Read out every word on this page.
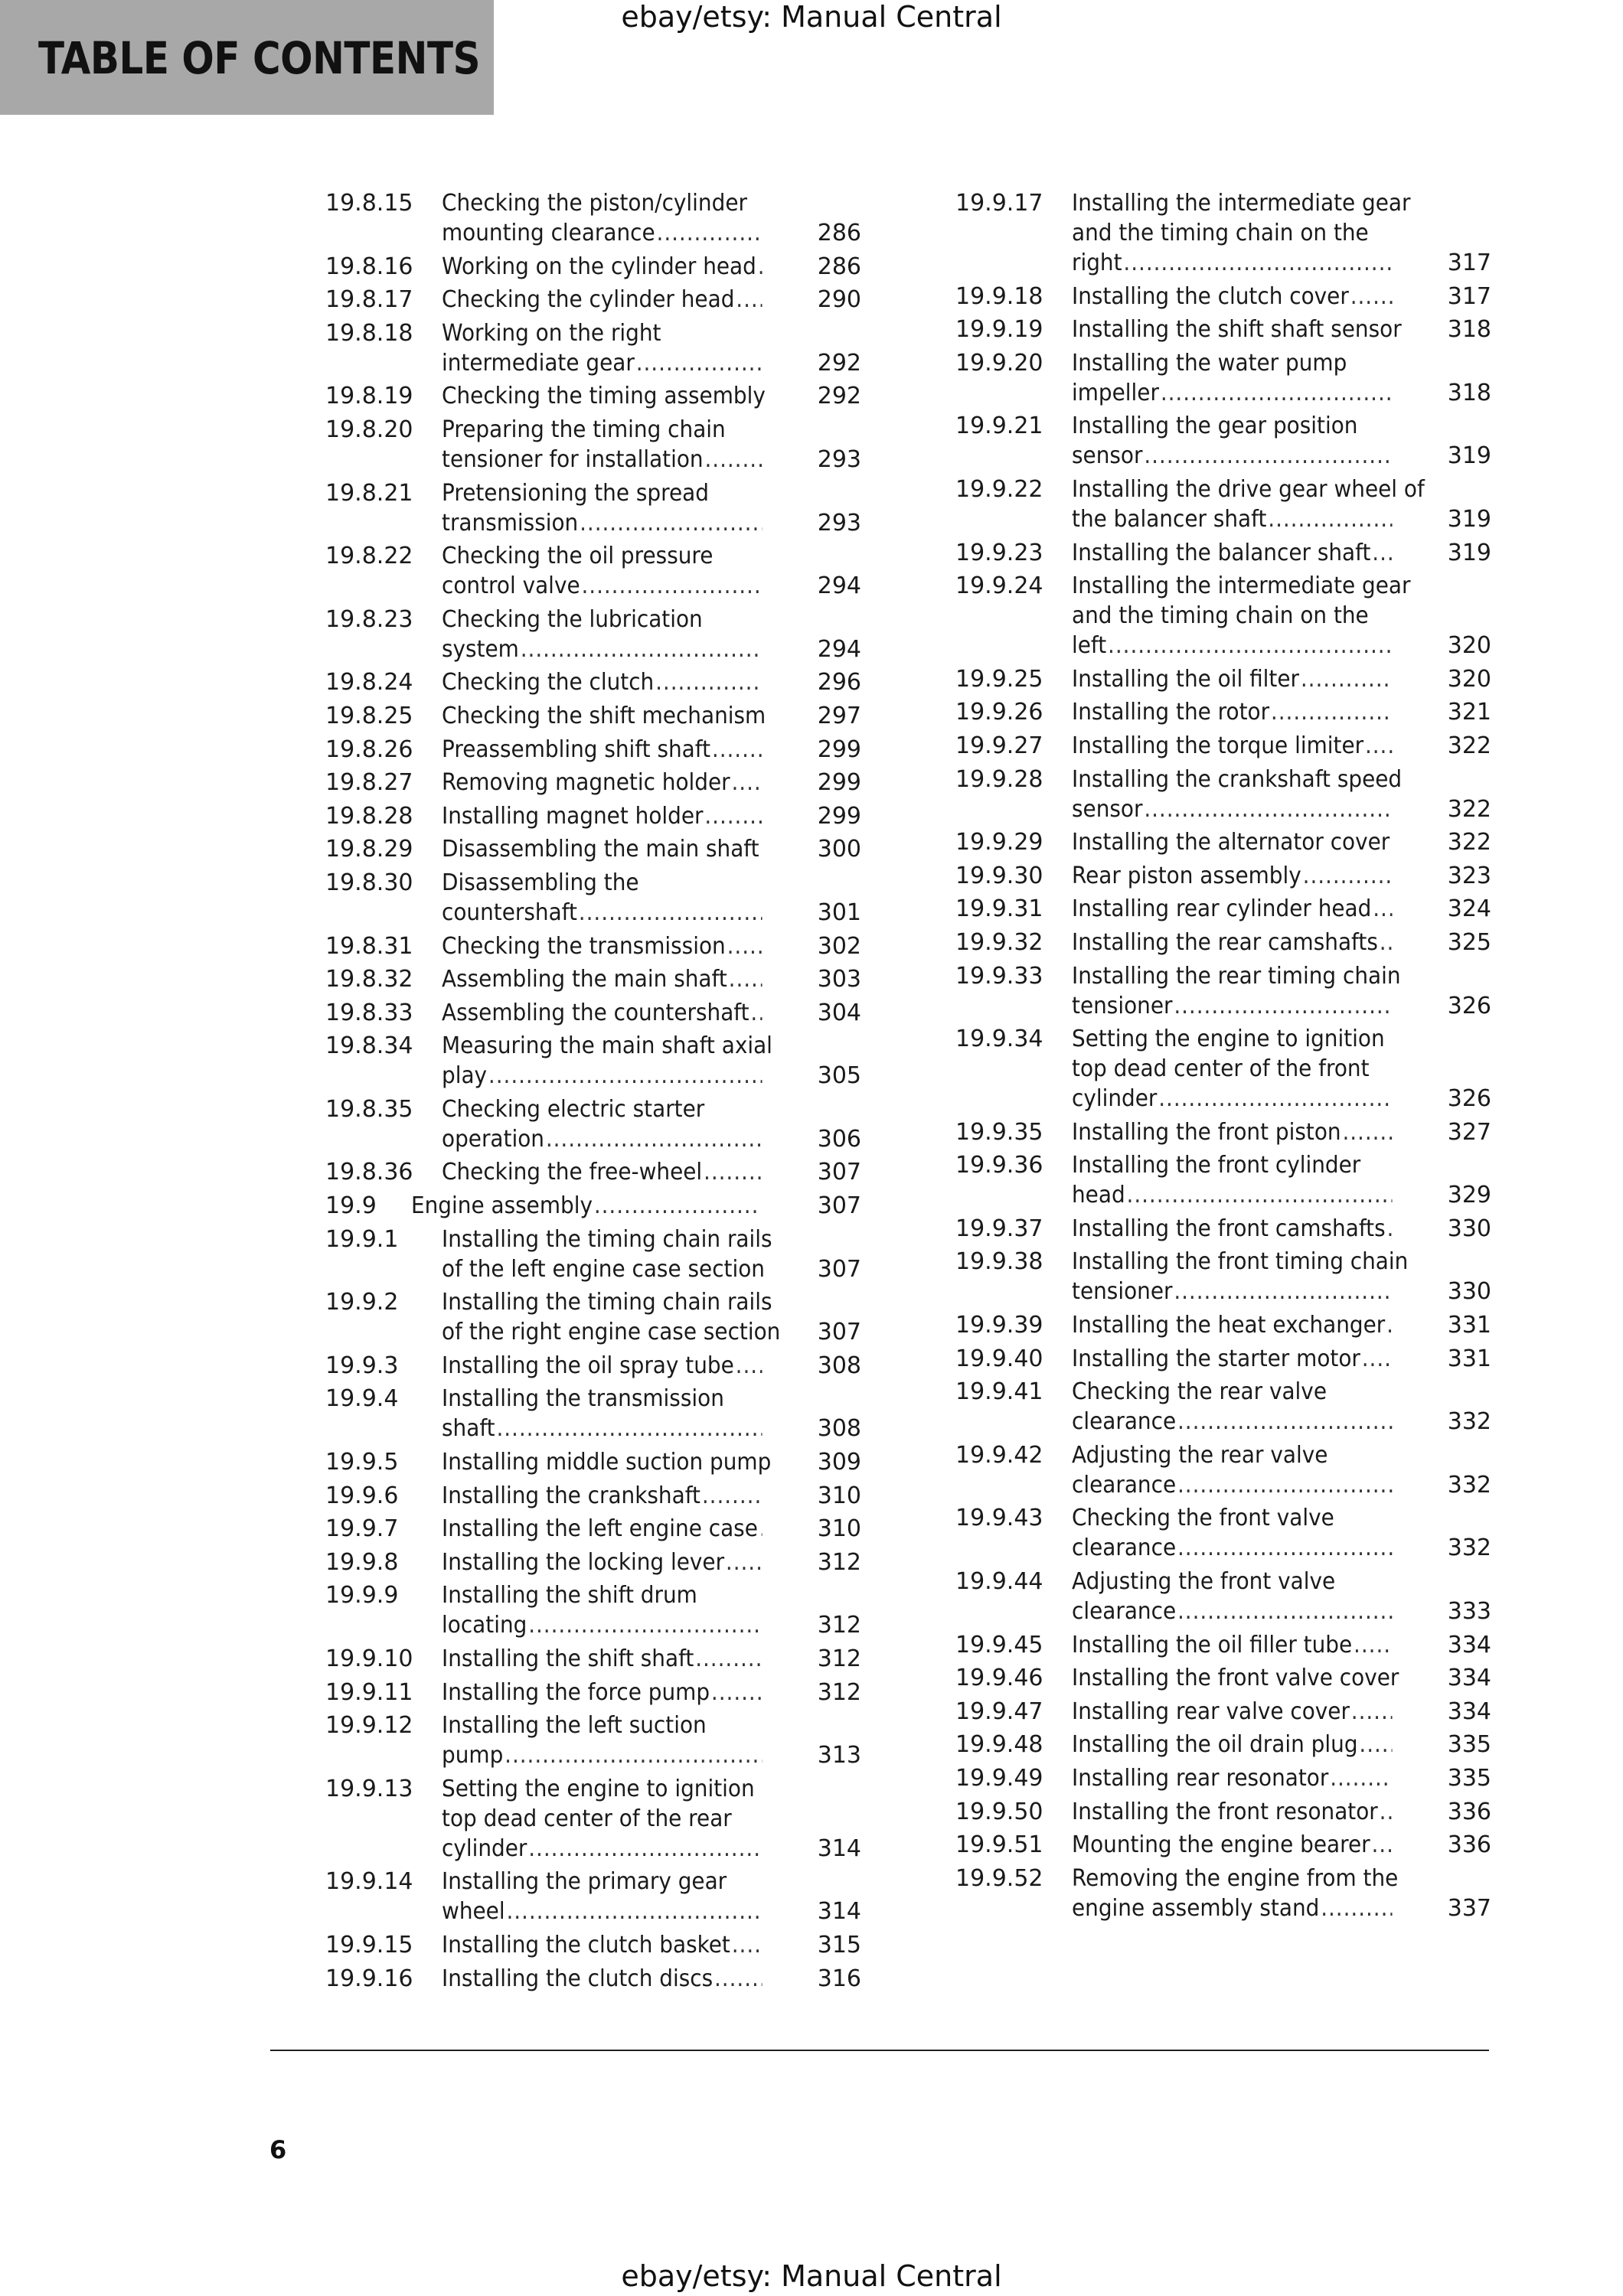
TABLE OF CONTENTS
ebay/etsy: Manual Central
19.8.15 Checking the piston/cylinder
mounting clearance .....	286
19.8.16 Working on the cylinder head .....	286
19.8.17 Checking the cylinder head .....	290
19.8.18 Working on the right
intermediate gear .....	292
19.8.19 Checking the timing assembly	292
19.8.20 Preparing the timing chain
tensioner for installation .....	293
19.8.21 Pretensioning the spread
transmission .....	293
19.8.22 Checking the oil pressure
control valve .....	294
19.8.23 Checking the lubrication
system .....	294
19.8.24 Checking the clutch .....	296
19.8.25 Checking the shift mechanism	297
19.8.26 Preassembling shift shaft .....	299
19.8.27 Removing magnetic holder .....	299
19.8.28 Installing magnet holder .....	299
19.8.29 Disassembling the main shaft .....	300
19.8.30 Disassembling the
countershaft .....	301
19.8.31 Checking the transmission .....	302
19.8.32 Assembling the main shaft .....	303
19.8.33 Assembling the countershaft .....	304
19.8.34 Measuring the main shaft axial
play .....	305
19.8.35 Checking electric starter
operation .....	306
19.8.36 Checking the free-wheel .....	307
19.9 Engine assembly .....	307
19.9.1 Installing the timing chain rails
of the left engine case section	307
19.9.2 Installing the timing chain rails
of the right engine case section	307
19.9.3 Installing the oil spray tube .....	308
19.9.4 Installing the transmission
shaft .....	308
19.9.5 Installing middle suction pump	309
19.9.6 Installing the crankshaft .....	310
19.9.7 Installing the left engine case .....	310
19.9.8 Installing the locking lever .....	312
19.9.9 Installing the shift drum
locating .....	312
19.9.10 Installing the shift shaft .....	312
19.9.11 Installing the force pump .....	312
19.9.12 Installing the left suction
pump .....	313
19.9.13 Setting the engine to ignition
top dead center of the rear
cylinder .....	314
19.9.14 Installing the primary gear
wheel .....	314
19.9.15 Installing the clutch basket .....	315
19.9.16 Installing the clutch discs .....	316
19.9.17 Installing the intermediate gear
and the timing chain on the
right .....	317
19.9.18 Installing the clutch cover .....	317
19.9.19 Installing the shift shaft sensor	318
19.9.20 Installing the water pump
impeller .....	318
19.9.21 Installing the gear position
sensor .....	319
19.9.22 Installing the drive gear wheel of
the balancer shaft .....	319
19.9.23 Installing the balancer shaft .....	319
19.9.24 Installing the intermediate gear
and the timing chain on the
left .....	320
19.9.25 Installing the oil filter .....	320
19.9.26 Installing the rotor .....	321
19.9.27 Installing the torque limiter .....	322
19.9.28 Installing the crankshaft speed
sensor .....	322
19.9.29 Installing the alternator cover .....	322
19.9.30 Rear piston assembly .....	323
19.9.31 Installing rear cylinder head .....	324
19.9.32 Installing the rear camshafts .....	325
19.9.33 Installing the rear timing chain
tensioner .....	326
19.9.34 Setting the engine to ignition
top dead center of the front
cylinder .....	326
19.9.35 Installing the front piston .....	327
19.9.36 Installing the front cylinder
head .....	329
19.9.37 Installing the front camshafts .....	330
19.9.38 Installing the front timing chain
tensioner .....	330
19.9.39 Installing the heat exchanger .....	331
19.9.40 Installing the starter motor .....	331
19.9.41 Checking the rear valve
clearance .....	332
19.9.42 Adjusting the rear valve
clearance .....	332
19.9.43 Checking the front valve
clearance .....	332
19.9.44 Adjusting the front valve
clearance .....	333
19.9.45 Installing the oil filler tube .....	334
19.9.46 Installing the front valve cover	334
19.9.47 Installing rear valve cover .....	334
19.9.48 Installing the oil drain plug .....	335
19.9.49 Installing rear resonator .....	335
19.9.50 Installing the front resonator .....	336
19.9.51 Mounting the engine bearer .....	336
19.9.52 Removing the engine from the
engine assembly stand .....	337
6
ebay/etsy: Manual Central
